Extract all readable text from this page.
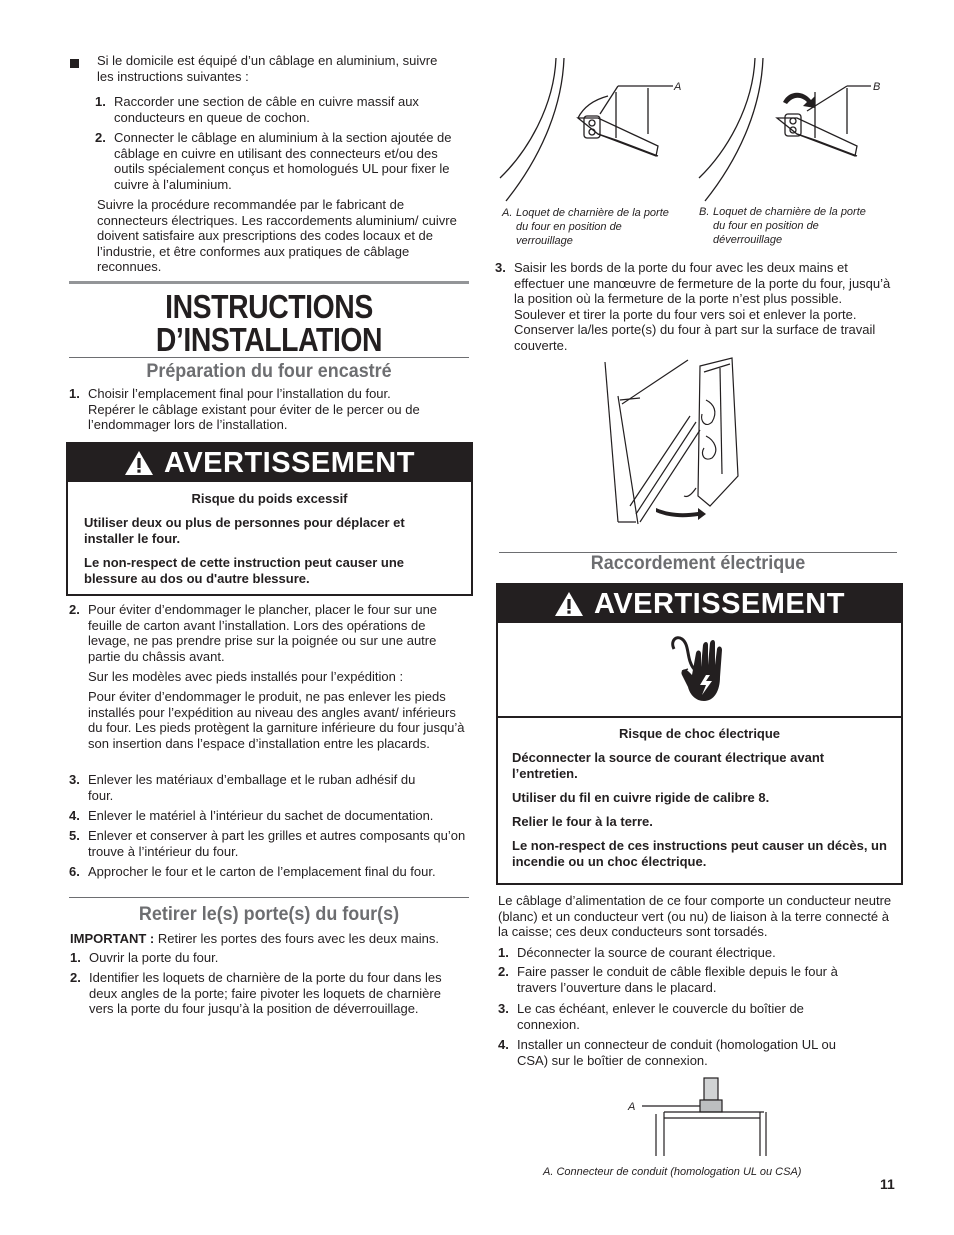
Si le domicile est équipé d’un câblage en aluminium, suivre les instructions suivantes :

1. Raccorder une section de câble en cuivre massif aux conducteurs en queue de cochon.
2. Connecter le câblage en aluminium à la section ajoutée de câblage en cuivre en utilisant des connecteurs et/ou des outils spécialement conçus et homologués UL pour fixer le cuivre à l’aluminium.

Suivre la procédure recommandée par le fabricant de connecteurs électriques. Les raccordements aluminium/ cuivre doivent satisfaire aux prescriptions des codes locaux et de l’industrie, et être conformes aux pratiques de câblage reconnues.

INSTRUCTIONS
D’INSTALLATION
Préparation du four encastré
1. Choisir l’emplacement final pour l’installation du four. Repérer le câblage existant pour éviter de le percer ou de l’endommager lors de l’installation.
AVERTISSEMENT
Risque du poids excessif
Utiliser deux ou plus de personnes pour déplacer et installer le four.
Le non-respect de cette instruction peut causer une blessure au dos ou d'autre blessure.
2. Pour éviter d’endommager le plancher, placer le four sur une feuille de carton avant l’installation. Lors des opérations de levage, ne pas prendre prise sur la poignée ou sur une autre partie du châssis avant.

Sur les modèles avec pieds installés pour l’expédition :

Pour éviter d’endommager le produit, ne pas enlever les pieds installés pour l’expédition au niveau des angles avant/ inférieurs du four. Les pieds protègent la garniture inférieure du four jusqu’à son insertion dans l’espace d’installation entre les placards.

3. Enlever les matériaux d’emballage et le ruban adhésif du four.
4. Enlever le matériel à l’intérieur du sachet de documentation.
5. Enlever et conserver à part les grilles et autres composants qu’on trouve à l’intérieur du four.
6. Approcher le four et le carton de l’emplacement final du four.
Retirer le(s) porte(s) du four(s)

IMPORTANT : Retirer les portes des fours avec les deux mains.

1. Ouvrir la porte du four.
2. Identifier les loquets de charnière de la porte du four dans les deux angles de la porte; faire pivoter les loquets de charnière vers la porte du four jusqu’à la position de déverrouillage.
A	B
A. Loquet de charnière de la porte du four en position de verrouillage
B. Loquet de charnière de la porte du four en position de déverrouillage
3. Saisir les bords de la porte du four avec les deux mains et effectuer une manœuvre de fermeture de la porte du four, jusqu’à la position où la fermeture de la porte n’est plus possible. Soulever et tirer la porte du four vers soi et enlever la porte. Conserver la/les porte(s) du four à part sur la surface de travail couverte.
Raccordement électrique
AVERTISSEMENT
Risque de choc électrique
Déconnecter la source de courant électrique avant l’entretien.
Utiliser du fil en cuivre rigide de calibre 8.
Relier le four à la terre.
Le non-respect de ces instructions peut causer un décès, un incendie ou un choc électrique.

Le câblage d’alimentation de ce four comporte un conducteur neutre (blanc) et un conducteur vert (ou nu) de liaison à la terre connecté à la caisse; ces deux conducteurs sont torsadés.

1. Déconnecter la source de courant électrique.
2. Faire passer le conduit de câble flexible depuis le four à travers l’ouverture dans le placard.
3. Le cas échéant, enlever le couvercle du boîtier de connexion.
4. Installer un connecteur de conduit (homologation UL ou CSA) sur le boîtier de connexion.
A
A. Connecteur de conduit (homologation UL ou CSA)
11
